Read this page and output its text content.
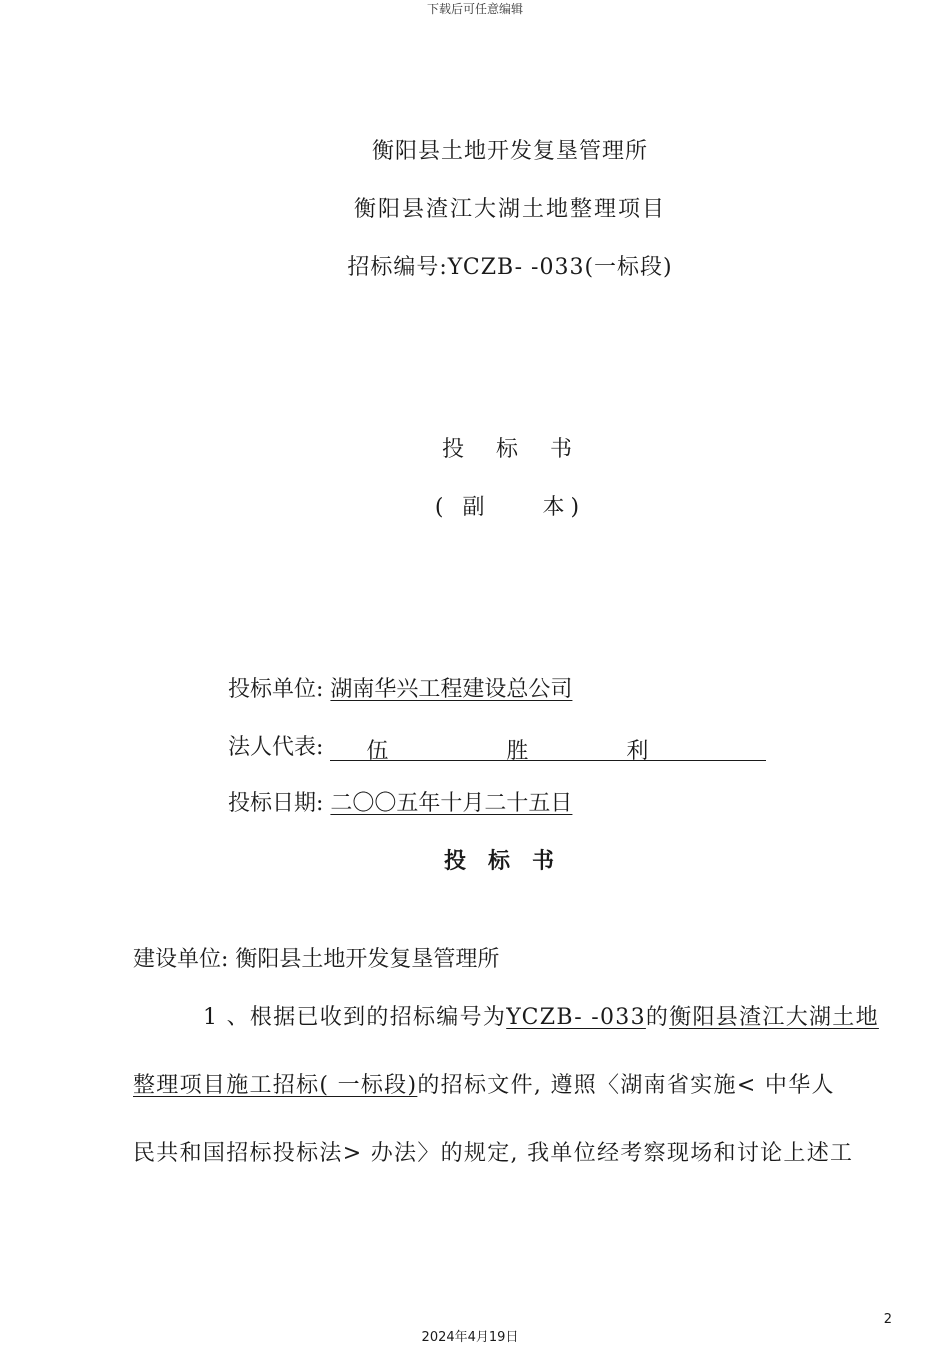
下载后可任意编辑
衡阳县土地开发复垦管理所
衡阳县渣江大湖土地整理项目
招标编号:YCZB- -033(一标段)
投  标  书
( 副    本)
投标单位: 湖南华兴工程建设总公司
法人代表: 伍	胜	利
投标日期: 二〇〇五年十月二十五日
投标书
建设单位: 衡阳县土地开发复垦管理所
1 、根据已收到的招标编号为YCZB- -033的衡阳县渣江大湖土地
整理项目施工招标( 一标段)的招标文件, 遵照〈湖南省实施< 中华人
民共和国招标投标法> 办法〉的规定, 我单位经考察现场和讨论上述工
2
2024年4月19日
